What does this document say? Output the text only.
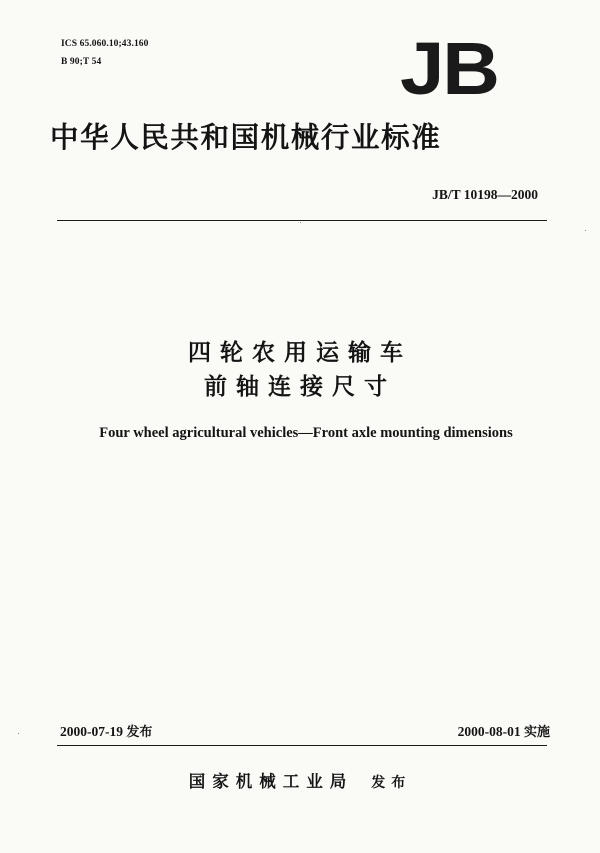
ICS 65.060.10;43.160
B 90;T 54	JB
中华人民共和国机械行业标准
JB/T 10198—2000
四轮农用运输车
前轴连接尺寸
Four wheel agricultural vehicles—Front axle mounting dimensions
2000-07-19 发布	2000-08-01 实施
国家机械工业局 发布
